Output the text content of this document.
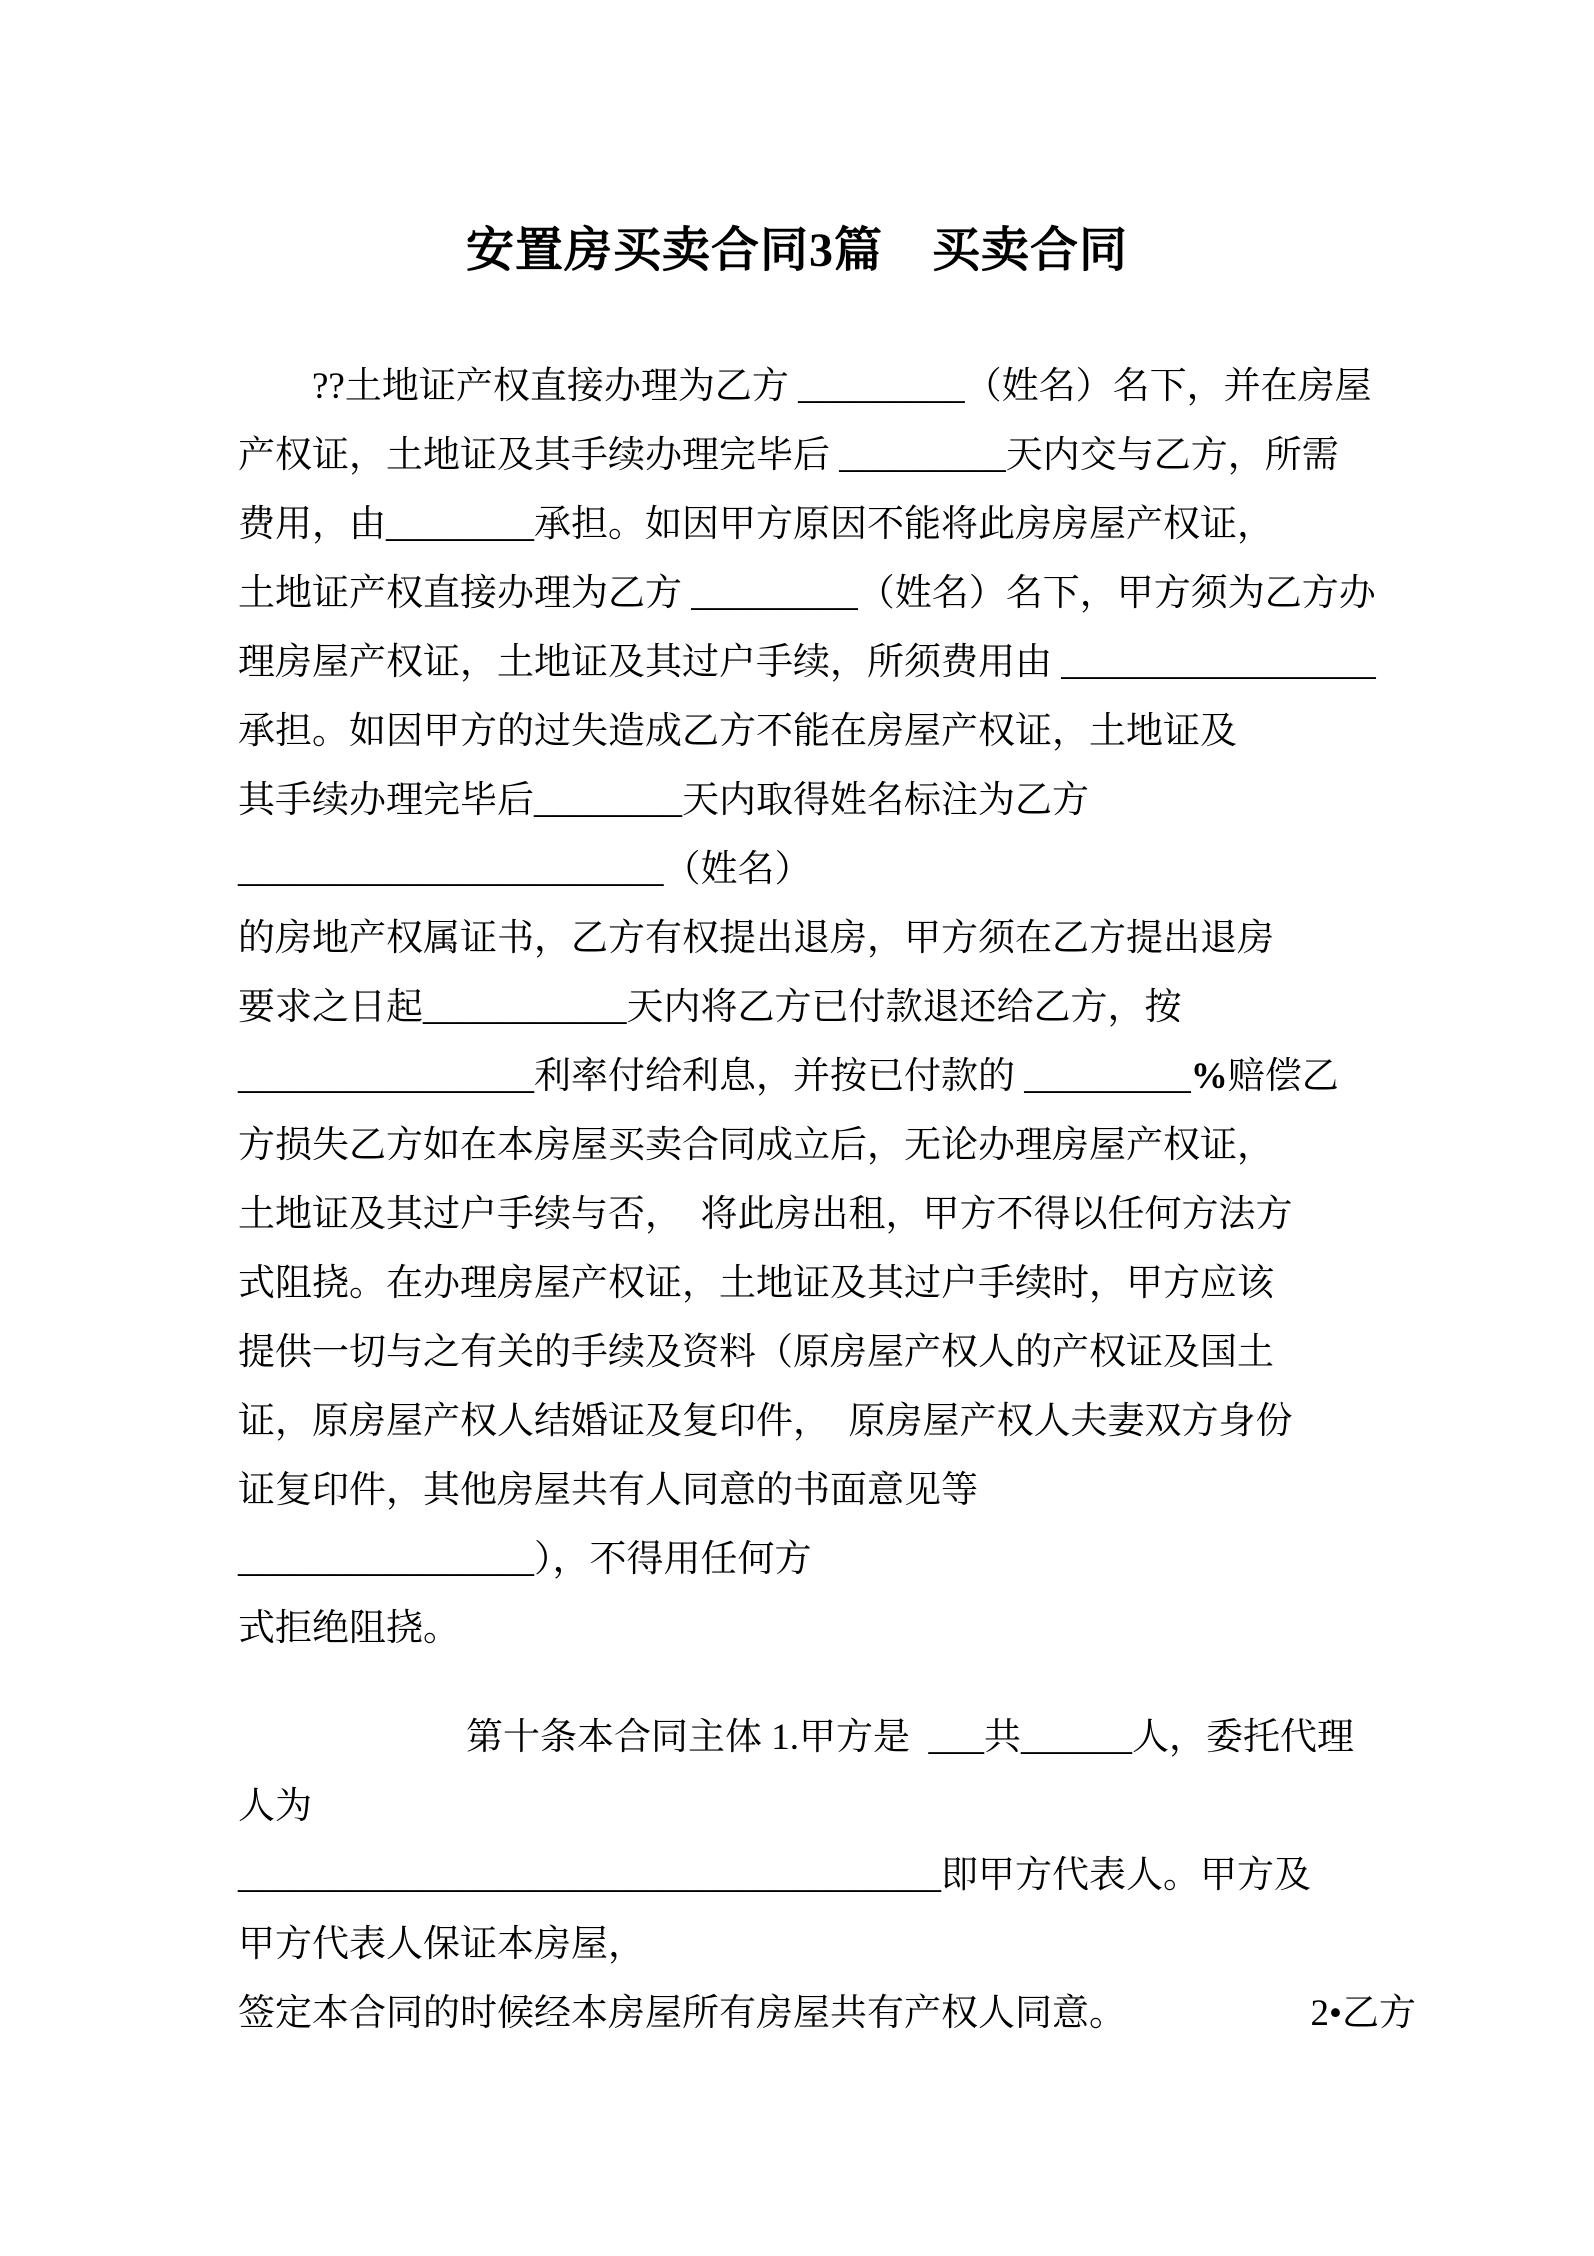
安置房买卖合同3篇　买卖合同
??土地证产权直接办理为乙方 _________（姓名）名下，并在房屋
产权证，土地证及其手续办理完毕后 _________天内交与乙方，所需
费用，由________承担。如因甲方原因不能将此房房屋产权证，
土地证产权直接办理为乙方 _________（姓名）名下，甲方须为乙方办
理房屋产权证，土地证及其过户手续，所须费用由 _________________
承担。如因甲方的过失造成乙方不能在房屋产权证，土地证及
其手续办理完毕后________天内取得姓名标注为乙方
_______________________（姓名）
的房地产权属证书，乙方有权提出退房，甲方须在乙方提出退房
要求之日起___________天内将乙方已付款退还给乙方，按
________________利率付给利息，并按已付款的 _________%赔偿乙
方损失乙方如在本房屋买卖合同成立后，无论办理房屋产权证，
土地证及其过户手续与否，  将此房出租，甲方不得以任何方法方
式阻挠。在办理房屋产权证，土地证及其过户手续时，甲方应该
提供一切与之有关的手续及资料（原房屋产权人的产权证及国土
证，原房屋产权人结婚证及复印件，  原房屋产权人夫妻双方身份
证复印件，其他房屋共有人同意的书面意见等
________________），不得用任何方
式拒绝阻挠。
第十条本合同主体 1.甲方是  ___共______人，委托代理
人为
______________________________________即甲方代表人。甲方及
甲方代表人保证本房屋，
签定本合同的时候经本房屋所有房屋共有产权人同意。	2•乙方
